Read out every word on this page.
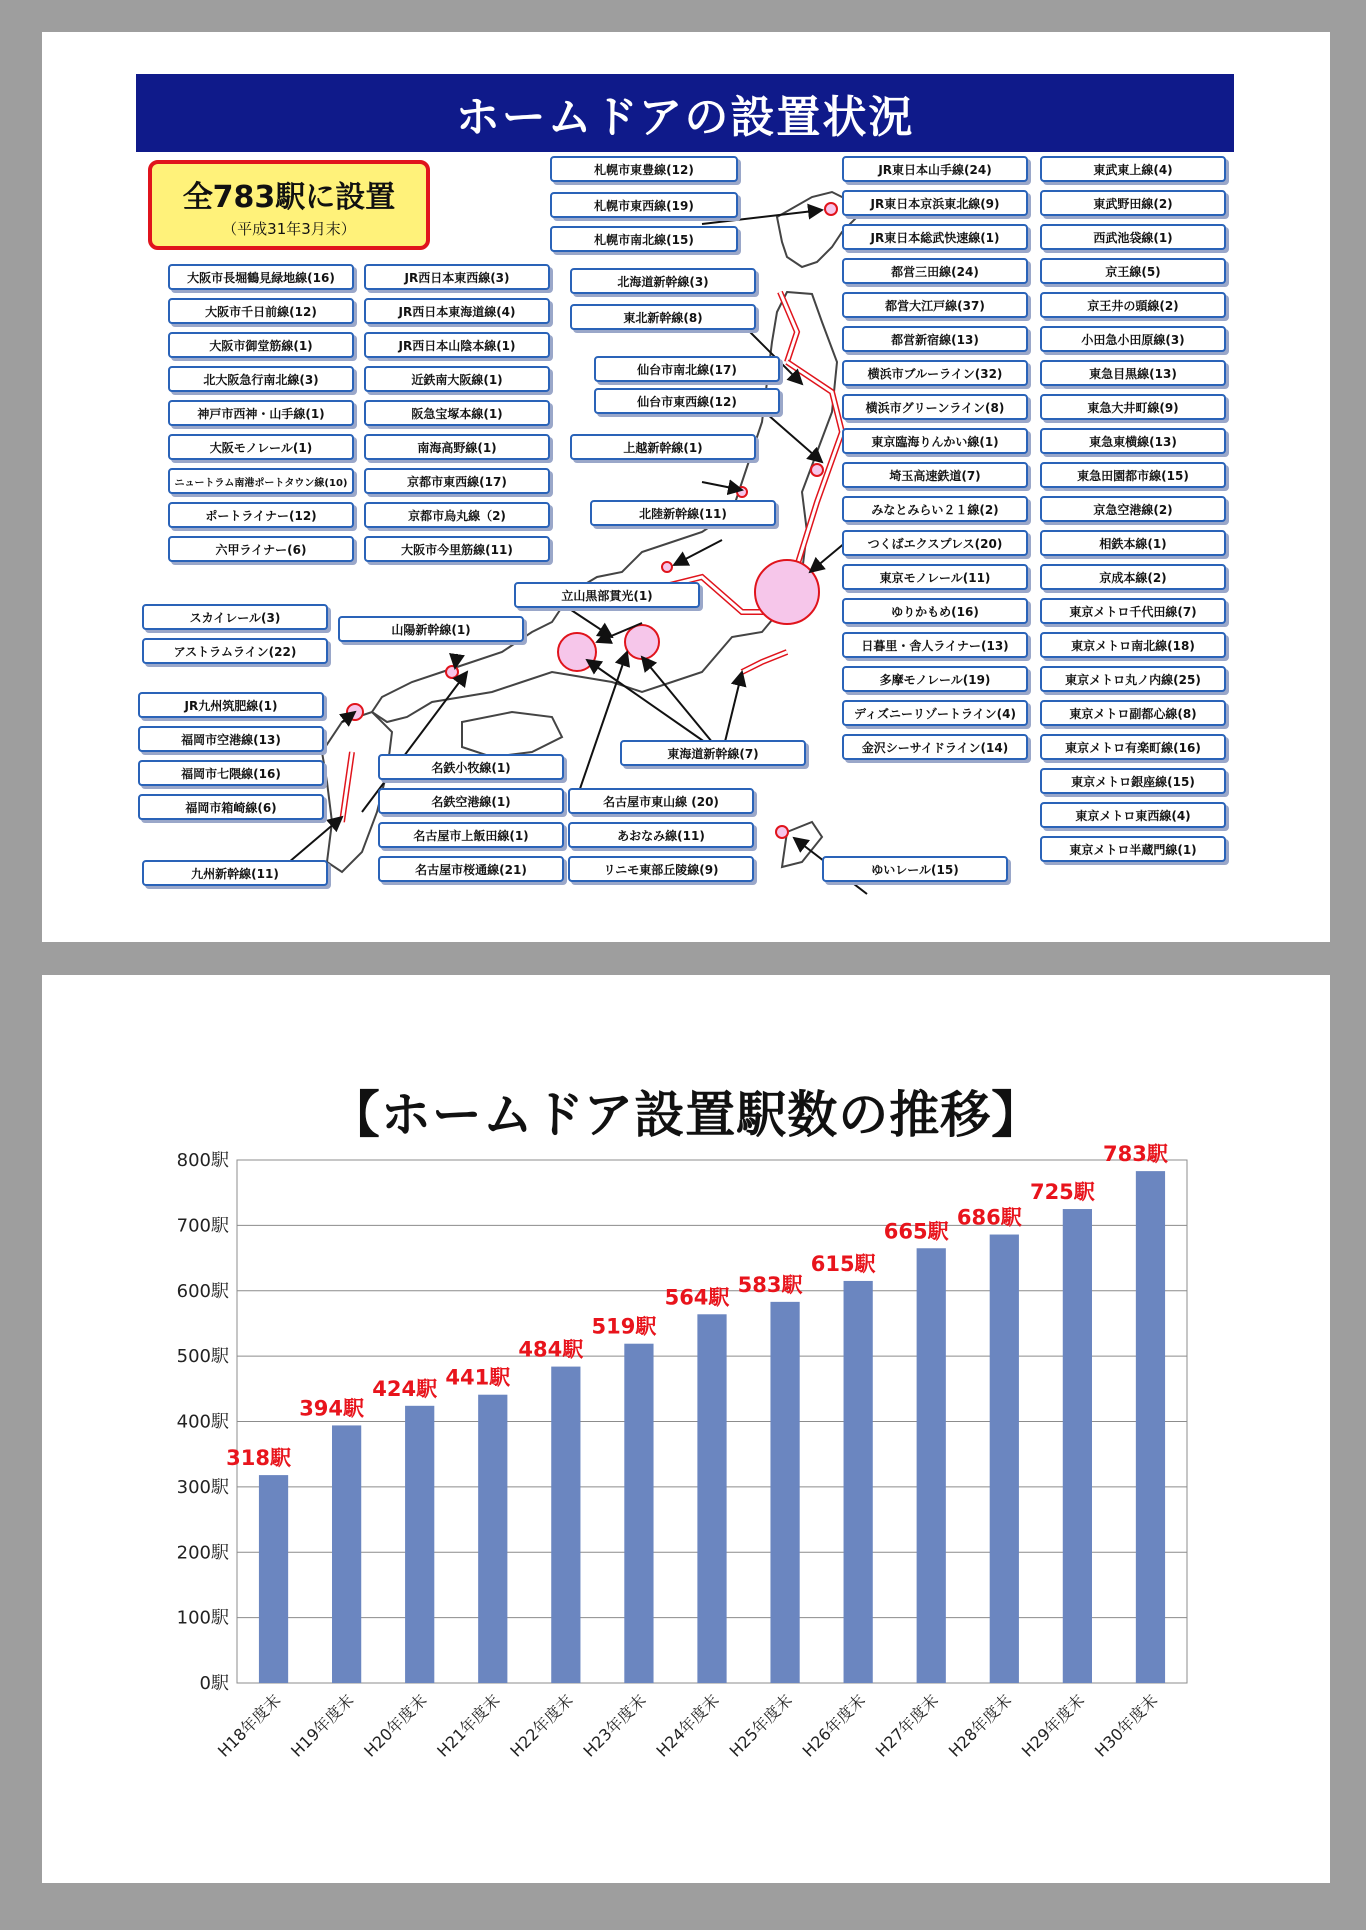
ホームドアの設置状況
全783駅に設置
（平成31年3月末）
札幌市東豊線(12)
札幌市東西線(19)
札幌市南北線(15)
JR東日本山手線(24)
JR東日本京浜東北線(9)
JR東日本総武快速線(1)
都営三田線(24)
都営大江戸線(37)
都営新宿線(13)
横浜市ブルーライン(32)
横浜市グリーンライン(8)
東京臨海りんかい線(1)
埼玉高速鉄道(7)
みなとみらい２１線(2)
つくばエクスプレス(20)
東京モノレール(11)
ゆりかもめ(16)
日暮里・舎人ライナー(13)
多摩モノレール(19)
ディズニーリゾートライン(4)
金沢シーサイドライン(14)
東武東上線(4)
東武野田線(2)
西武池袋線(1)
京王線(5)
京王井の頭線(2)
小田急小田原線(3)
東急目黒線(13)
東急大井町線(9)
東急東横線(13)
東急田園都市線(15)
京急空港線(2)
相鉄本線(1)
京成本線(2)
東京メトロ千代田線(7)
東京メトロ南北線(18)
東京メトロ丸ノ内線(25)
東京メトロ副都心線(8)
東京メトロ有楽町線(16)
東京メトロ銀座線(15)
東京メトロ東西線(4)
東京メトロ半蔵門線(1)
大阪市長堀鶴見緑地線(16)
大阪市千日前線(12)
大阪市御堂筋線(1)
北大阪急行南北線(3)
神戸市西神・山手線(1)
大阪モノレール(1)
ニュートラム南港ポートタウン線(10)
ポートライナー(12)
六甲ライナー(6)
JR西日本東西線(3)
JR西日本東海道線(4)
JR西日本山陰本線(1)
近鉄南大阪線(1)
阪急宝塚本線(1)
南海高野線(1)
京都市東西線(17)
京都市烏丸線（2)
大阪市今里筋線(11)
北海道新幹線(3)
東北新幹線(8)
仙台市南北線(17)
仙台市東西線(12)
上越新幹線(1)
北陸新幹線(11)
立山黒部貫光(1)
スカイレール(3)
アストラムライン(22)
山陽新幹線(1)
JR九州筑肥線(1)
福岡市空港線(13)
福岡市七隈線(16)
福岡市箱崎線(6)
九州新幹線(11)
名鉄小牧線(1)
名鉄空港線(1)
名古屋市上飯田線(1)
名古屋市桜通線(21)
東海道新幹線(7)
名古屋市東山線 (20)
あおなみ線(11)
リニモ東部丘陵線(9)	ゆいレール(15)
【ホームドア設置駅数の推移】
0駅
100駅
200駅
300駅
400駅
500駅
600駅
700駅
800駅
318駅
H18年度末
394駅
H19年度末
424駅
H20年度末
441駅
H21年度末
484駅
H22年度末
519駅
H23年度末
564駅
H24年度末
583駅
H25年度末
615駅
H26年度末
665駅
H27年度末
686駅
H28年度末
725駅
H29年度末
783駅
H30年度末
